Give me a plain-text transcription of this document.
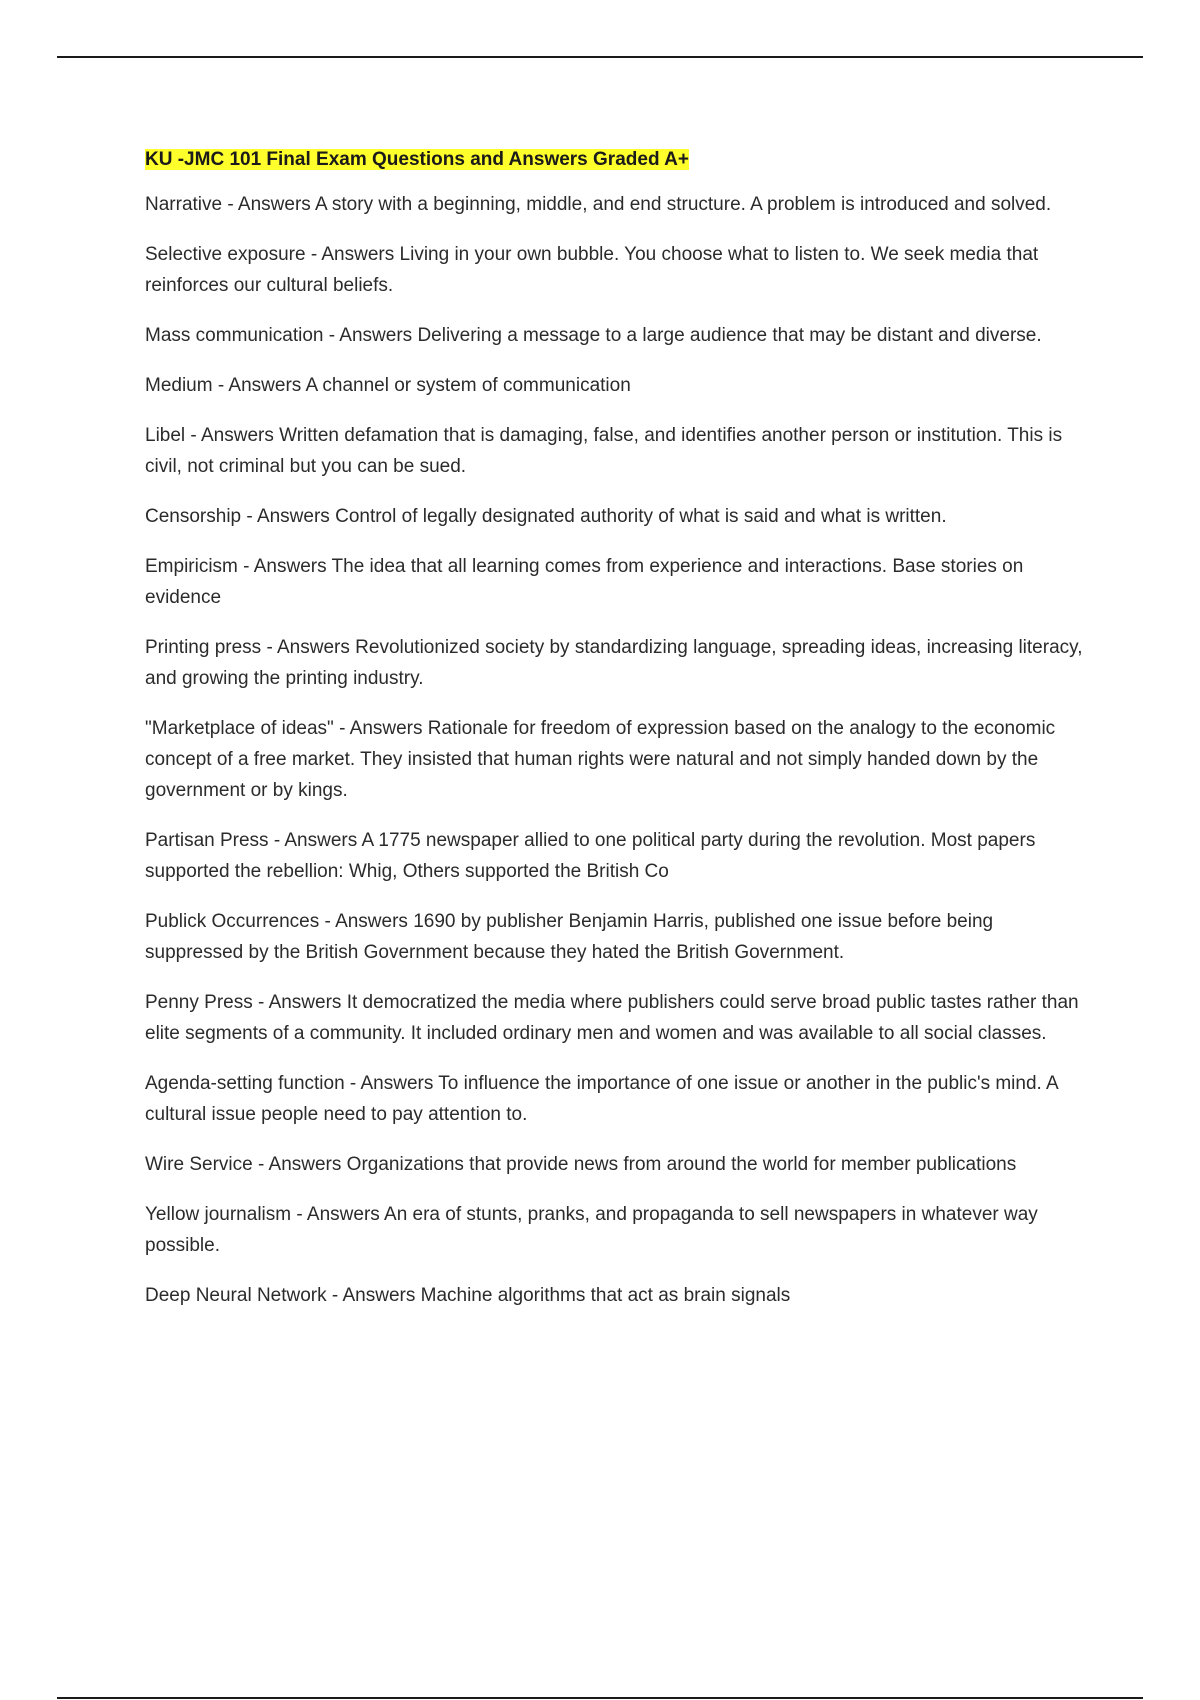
KU -JMC 101 Final Exam Questions and Answers Graded A+
Narrative - Answers A story with a beginning, middle, and end structure. A problem is introduced and solved.
Selective exposure - Answers Living in your own bubble. You choose what to listen to. We seek media that reinforces our cultural beliefs.
Mass communication - Answers Delivering a message to a large audience that may be distant and diverse.
Medium - Answers A channel or system of communication
Libel - Answers Written defamation that is damaging, false, and identifies another person or institution. This is civil, not criminal but you can be sued.
Censorship - Answers Control of legally designated authority of what is said and what is written.
Empiricism - Answers The idea that all learning comes from experience and interactions. Base stories on evidence
Printing press - Answers Revolutionized society by standardizing language, spreading ideas, increasing literacy, and growing the printing industry.
"Marketplace of ideas" - Answers Rationale for freedom of expression based on the analogy to the economic concept of a free market. They insisted that human rights were natural and not simply handed down by the government or by kings.
Partisan Press - Answers A 1775 newspaper allied to one political party during the revolution. Most papers supported the rebellion: Whig, Others supported the British Co
Publick Occurrences - Answers 1690 by publisher Benjamin Harris, published one issue before being suppressed by the British Government because they hated the British Government.
Penny Press - Answers It democratized the media where publishers could serve broad public tastes rather than elite segments of a community. It included ordinary men and women and was available to all social classes.
Agenda-setting function - Answers To influence the importance of one issue or another in the public's mind. A cultural issue people need to pay attention to.
Wire Service - Answers Organizations that provide news from around the world for member publications
Yellow journalism - Answers An era of stunts, pranks, and propaganda to sell newspapers in whatever way possible.
Deep Neural Network - Answers Machine algorithms that act as brain signals
